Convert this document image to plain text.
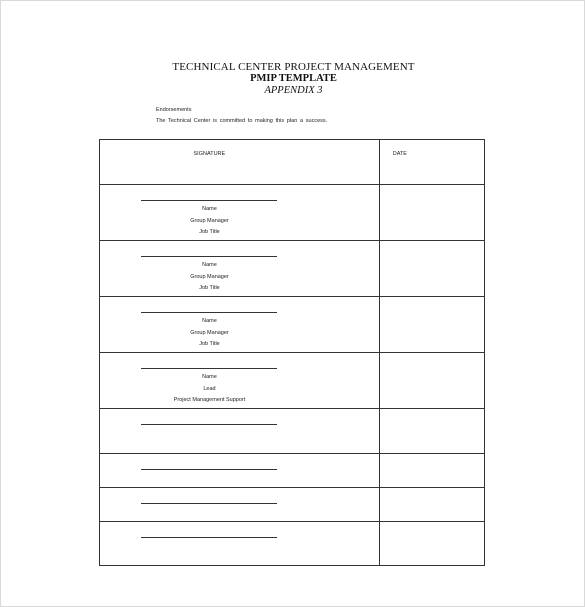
TECHNICAL CENTER PROJECT MANAGEMENT
PMIP TEMPLATE
APPENDIX 3
Endorsements
The Technical Center is committed to making this plan a success.
SIGNATURE	DATE

Name
Group Manager
Job Title	

Name
Group Manager
Job Title	

Name
Group Manager
Job Title	

Name
Lead
Project Management Support	
